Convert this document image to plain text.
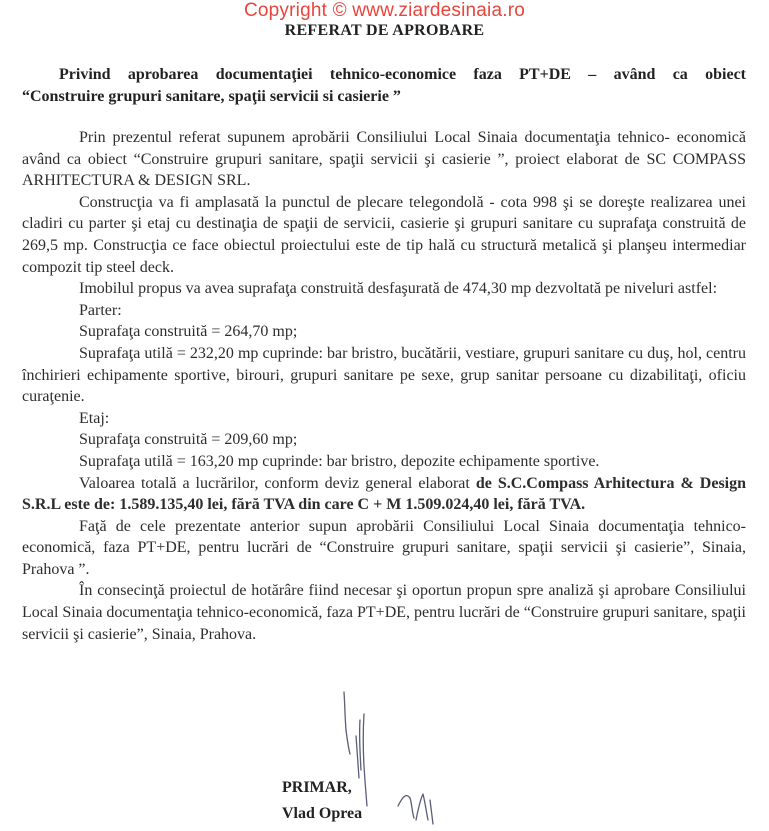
Copyright © www.ziardesinaia.ro
REFERAT DE APROBARE
Privind aprobarea documentaţiei tehnico-economice faza PT+DE – având ca obiect
“Construire grupuri sanitare, spaţii servicii si casierie ”

Prin prezentul referat supunem aprobării Consiliului Local Sinaia documentaţia tehnico- economică având ca obiect “Construire grupuri sanitare, spaţii servicii şi casierie ”, proiect elaborat de SC COMPASS ARHITECTURA & DESIGN SRL.

Construcţia va fi amplasată la punctul de plecare telegondolă - cota 998 şi se doreşte realizarea unei cladiri cu parter şi etaj cu destinaţia de spaţii de servicii, casierie şi grupuri sanitare cu suprafaţa construită de 269,5 mp. Construcţia ce face obiectul proiectului este de tip hală cu structură metalică şi planşeu intermediar compozit tip steel deck.

Imobilul propus va avea suprafaţa construită desfaşurată de 474,30 mp dezvoltată pe niveluri astfel:

Parter:

Suprafaţa construită = 264,70 mp;

Suprafaţa utilă = 232,20 mp cuprinde: bar bristro, bucătării, vestiare, grupuri sanitare cu duş, hol, centru închirieri echipamente sportive, birouri, grupuri sanitare pe sexe, grup sanitar persoane cu dizabilitaţi, oficiu curaţenie.

Etaj:

Suprafaţa construită = 209,60 mp;

Suprafaţa utilă = 163,20 mp cuprinde: bar bristro, depozite echipamente sportive.

Valoarea totală a lucrărilor, conform deviz general elaborat de S.C.Compass Arhitectura & Design S.R.L este de: 1.589.135,40 lei, fără TVA din care C + M 1.509.024,40 lei, fără TVA.

Faţă de cele prezentate anterior supun aprobării Consiliului Local Sinaia documentaţia tehnico-economică, faza PT+DE, pentru lucrări de “Construire grupuri sanitare, spaţii servicii şi casierie”, Sinaia, Prahova ”.

În consecinţă proiectul de hotărâre fiind necesar şi oportun propun spre analiză şi aprobare Consiliului Local Sinaia documentaţia tehnico-economică, faza PT+DE, pentru lucrări de “Construire grupuri sanitare, spaţii servicii şi casierie”, Sinaia, Prahova.

PRIMAR,
Vlad Oprea
